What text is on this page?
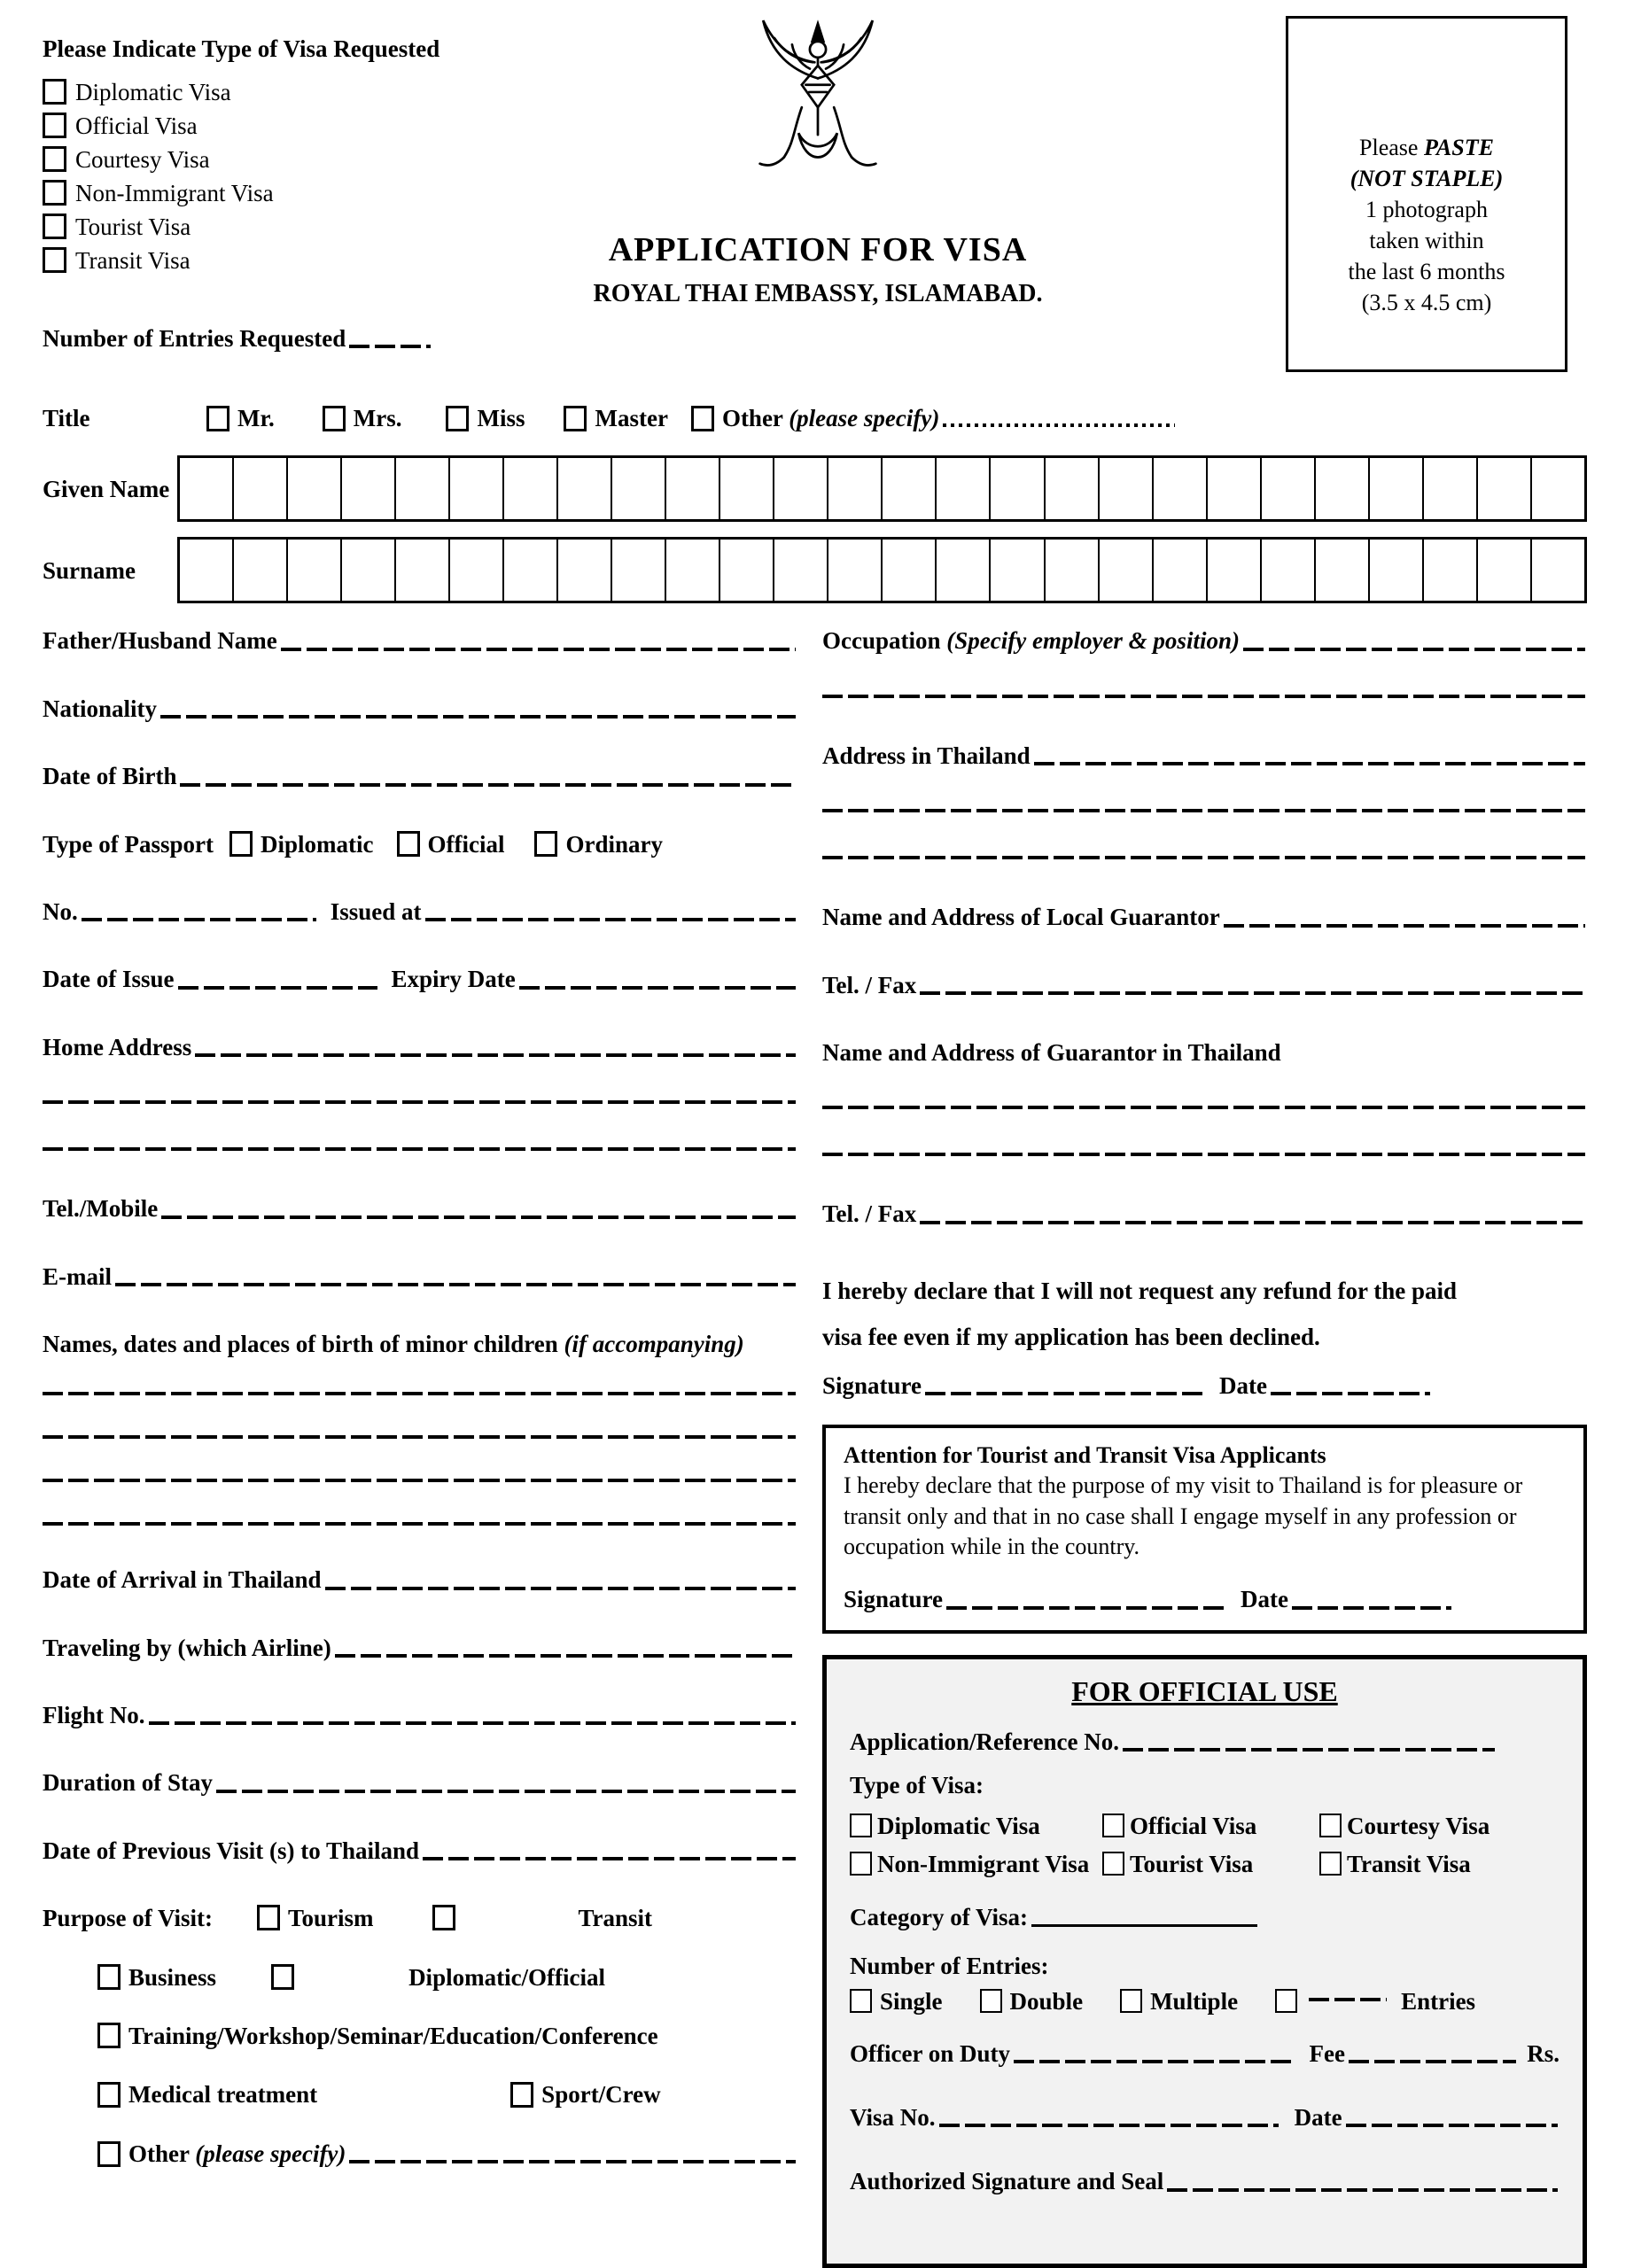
Please Indicate Type of Visa Requested
Diplomatic Visa
Official Visa
Courtesy Visa
Non-Immigrant Visa
Tourist Visa
Transit Visa
Number of Entries Requested
APPLICATION FOR VISA
ROYAL THAI EMBASSY, ISLAMABAD.
Please PASTE
(NOT STAPLE)
1 photograph
taken within
the last 6 months
(3.5 x 4.5 cm)
Title	Mr.	Mrs.	Miss	Master Other (please specify)
Given Name
Surname
Father/Husband Name
Nationality
Date of Birth
Type of Passport Diplomatic Official	Ordinary
No.	Issued at
Date of Issue	Expiry Date
Home Address
Tel./Mobile
E-mail
Names, dates and places of birth of minor children (if accompanying)
Date of Arrival in Thailand
Traveling by (which Airline)
Flight No.
Duration of Stay
Date of Previous Visit (s) to Thailand
Purpose of Visit:	Tourism	Transit
Business	Diplomatic/Official
Training/Workshop/Seminar/Education/Conference
Medical treatment	Sport/Crew
Other (please specify)
Occupation (Specify employer & position)
Address in Thailand
Name and Address of Local Guarantor
Tel. / Fax
Name and Address of Guarantor in Thailand
Tel. / Fax
I hereby declare that I will not request any refund for the paid
visa fee even if my application has been declined.
Signature	Date
Attention for Tourist and Transit Visa Applicants
I hereby declare that the purpose of my visit to Thailand is for pleasure or transit only and that in no case shall I engage myself in any profession or occupation while in the country.
Signature	Date
FOR OFFICIAL USE
Application/Reference No.
Type of Visa:
Diplomatic Visa	Official Visa	Courtesy Visa
Non-Immigrant Visa Tourist Visa	Transit Visa
Category of Visa:
Number of Entries:
Single	Double	Multiple	Entries
Officer on Duty	Fee	Rs.
Visa No.	Date
Authorized Signature and Seal
